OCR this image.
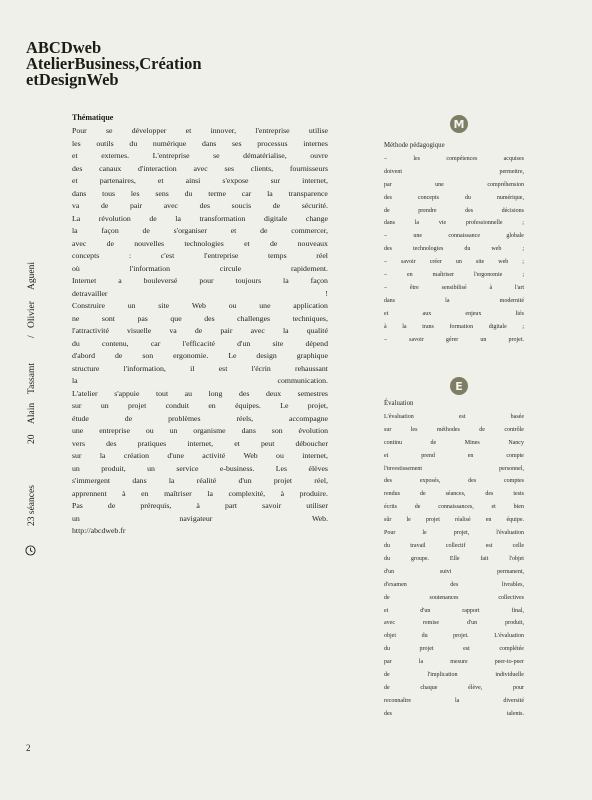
ABCDweb
AtelierBusiness,Création
etDesignWeb
Agueni
Olivier
/
Tassamt
Alain
20
23 séances
Thématique
Pour se développer et innover, l'entreprise utilise
les outils du numérique dans ses processus internes
et	externes.	L'entreprise	se	dématérialise,	ouvre
des canaux d'interaction avec ses clients, fournisseurs
et	partenaires,	et	ainsi	s'expose	sur	internet,
dans tous les sens du terme car la transparence
va	de	pair	avec	des	soucis	de	sécurité.
La révolution de la transformation digitale change
la	façon	de	s'organiser	et	de	commercer,
avec	de	nouvelles	technologies	et	de	nouveaux
concepts	:	c'est	l'entreprise	temps	réel
où	l'information	circule	rapidement.
Internet	a	bouleversé	pour	toujours	la	façon
detravailler	!
Construire	un	site	Web	ou	une	application
ne	sont	pas	que	des	challenges	techniques,
l'attractivité visuelle va de pair avec la qualité
du	contenu,	car	l'efficacité	d'un	site	dépend
d'abord	de	son	ergonomie.	Le	design	graphique
structure	l'information,	il	est	l'écrin	rehaussant
la	communication.
L'atelier s'appuie tout au long des deux semestres
sur un projet conduit en équipes. Le projet,
étude	de	problèmes	réels,	accompagne
une entreprise ou un organisme dans son évolution
vers	des	pratiques	internet,	et	peut	déboucher
sur la création d'une activité Web ou internet,
un	produit,	un	service	e-business.	Les	élèves
s'immergent	dans	la	réalité	d'un	projet	réel,
apprennent à en maîtriser la complexité, à produire.
Pas	de	prérequis,	à	part	savoir	utiliser
un	navigateur	Web.
http://abcdweb.fr
M
Méthode pédagogique
–	les	compétences	acquises
doivent	permettre,
par	une	compréhension
des	concepts	du	numérique,
de	prendre	des	décisions
dans	la	vie	professionnelle	;
–	une	connaissance	globale
des	technologies	du	web	;
– savoir créer un site web ;
–	en	maîtriser	l'ergonomie	;
–	être	sensibilisé	à	l'art
dans	la	modernité
et	aux	enjeux	liés
à	la	trans	formation	digitale	;
–	savoir	gérer	un	projet.
E
Évaluation
L'évaluation	est	basée
sur	les	méthodes	de	contrôle
continu	de	Mines	Nancy
et	prend	en	compte
l'investissement	personnel,
des	exposés,	des	comptes
rendus	de	séances,	des	tests
écrits	de	connaissances,	et	bien
sûr	le	projet	réalisé	en	équipe.
Pour	le	projet,	l'évaluation
du	travail	collectif	est	celle
du	groupe.	Elle	fait	l'objet
d'un	suivi	permanent,
d'examen	des	livrables,
de	soutenances	collectives
et	d'un	rapport	final,
avec	remise	d'un	produit,
objet	du	projet.	L'évaluation
du	projet	est	complétée
par	la	mesure	peer-to-peer
de	l'implication	individuelle
de	chaque	élève,	pour
reconnaître	la	diversité
des	talents.
2
